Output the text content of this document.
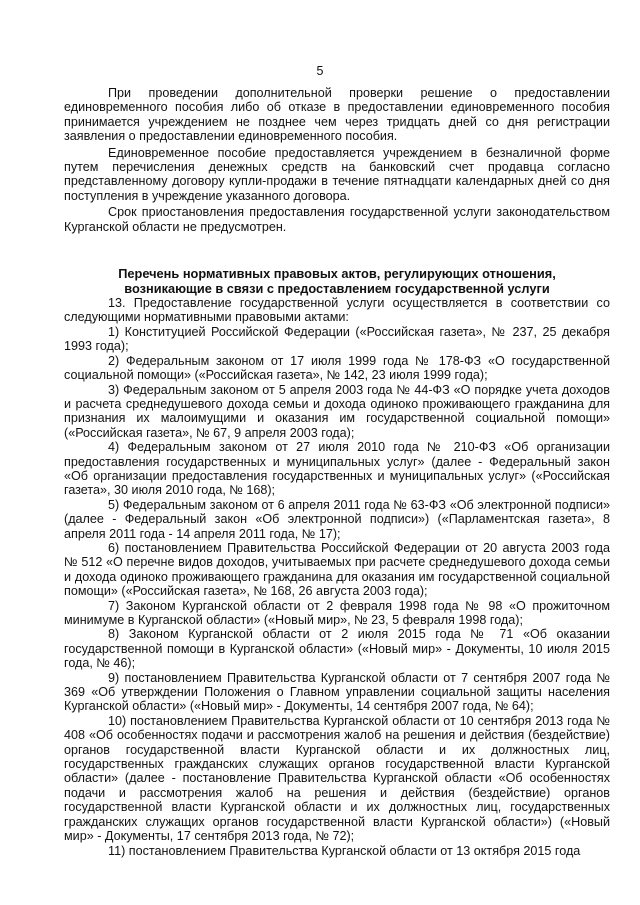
5

При проведении дополнительной проверки решение о предоставлении единовременного пособия либо об отказе в предоставлении единовременного пособия принимается учреждением не позднее чем через тридцать дней со дня регистрации заявления о предоставлении единовременного пособия.

Единовременное пособие предоставляется учреждением в безналичной форме путем перечисления денежных средств на банковский счет продавца согласно представленному договору купли-продажи в течение пятнадцати календарных дней со дня поступления в учреждение указанного договора.

Срок приостановления предоставления государственной услуги законодательством Курганской области не предусмотрен.

Перечень нормативных правовых актов, регулирующих отношения,
возникающие в связи с предоставлением государственной услуги

13. Предоставление государственной услуги осуществляется в соответствии со следующими нормативными правовыми актами:

1) Конституцией Российской Федерации («Российская газета», № 237, 25 декабря 1993 года);

2) Федеральным законом от 17 июля 1999 года № 178-ФЗ «О государственной социальной помощи» («Российская газета», № 142, 23 июля 1999 года);

3) Федеральным законом от 5 апреля 2003 года № 44-ФЗ «О порядке учета доходов и расчета среднедушевого дохода семьи и дохода одиноко проживающего гражданина для признания их малоимущими и оказания им государственной социальной помощи» («Российская газета», № 67, 9 апреля 2003 года);

4) Федеральным законом от 27 июля 2010 года № 210-ФЗ «Об организации предоставления государственных и муниципальных услуг» (далее - Федеральный закон «Об организации предоставления государственных и муниципальных услуг» («Российская газета», 30 июля 2010 года, № 168);

5) Федеральным законом от 6 апреля 2011 года № 63-ФЗ «Об электронной подписи» (далее - Федеральный закон «Об электронной подписи») («Парламентская газета», 8 апреля 2011 года - 14 апреля 2011 года, № 17);

6) постановлением Правительства Российской Федерации от 20 августа 2003 года № 512 «О перечне видов доходов, учитываемых при расчете среднедушевого дохода семьи и дохода одиноко проживающего гражданина для оказания им государственной социальной помощи» («Российская газета», № 168, 26 августа 2003 года);

7) Законом Курганской области от 2 февраля 1998 года № 98 «О прожиточном минимуме в Курганской области» («Новый мир», № 23, 5 февраля 1998 года);

8) Законом Курганской области от 2 июля 2015 года № 71 «Об оказании государственной помощи в Курганской области» («Новый мир» - Документы, 10 июля 2015 года, № 46);

9) постановлением Правительства Курганской области от 7 сентября 2007 года № 369 «Об утверждении Положения о Главном управлении социальной защиты населения Курганской области» («Новый мир» - Документы, 14 сентября 2007 года, № 64);

10) постановлением Правительства Курганской области от 10 сентября 2013 года № 408 «Об особенностях подачи и рассмотрения жалоб на решения и действия (бездействие) органов государственной власти Курганской области и их должностных лиц, государственных гражданских служащих органов государственной власти Курганской области» (далее - постановление Правительства Курганской области «Об особенностях подачи и рассмотрения жалоб на решения и действия (бездействие) органов государственной власти Курганской области и их должностных лиц, государственных гражданских служащих органов государственной власти Курганской области») («Новый мир» - Документы, 17 сентября 2013 года, № 72);

11) постановлением Правительства Курганской области от 13 октября 2015 года
